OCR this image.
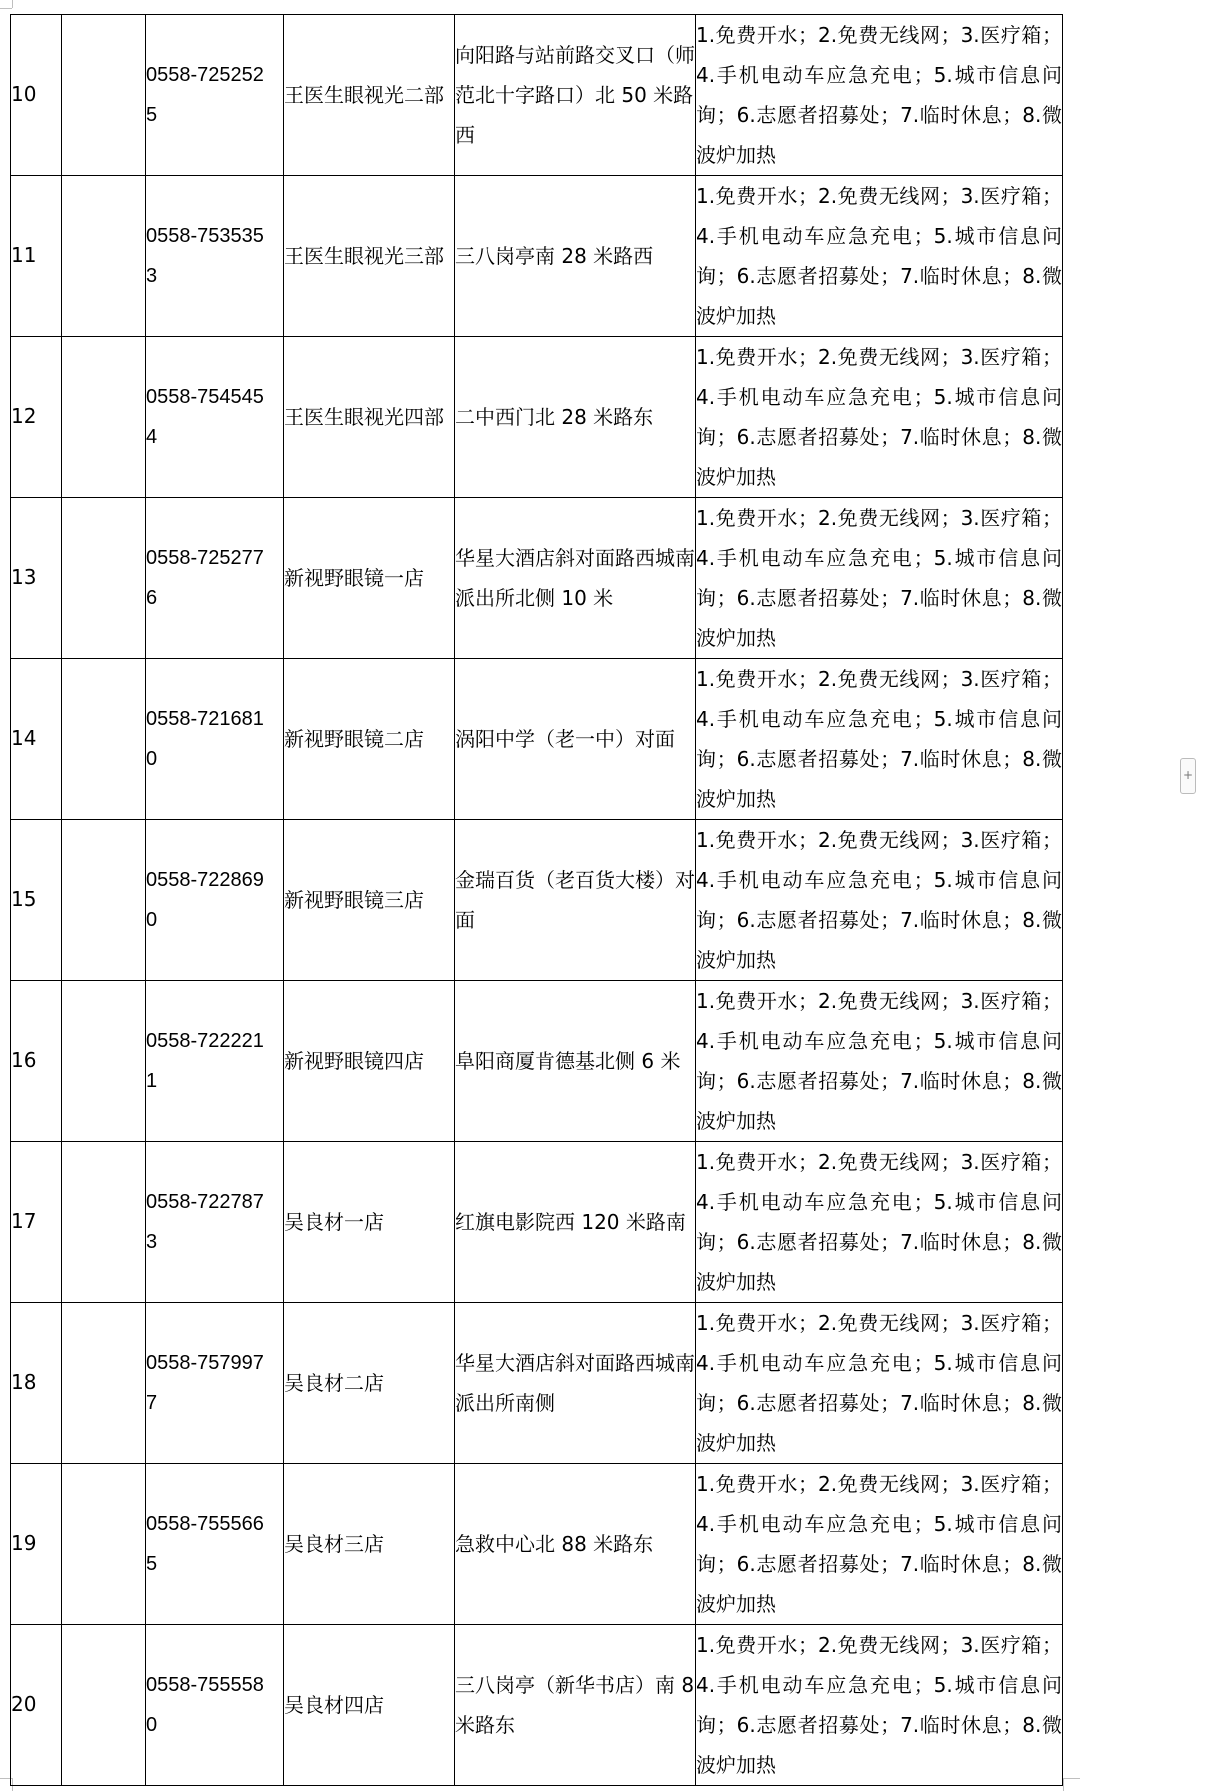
10		0558-7252525	王医生眼视光二部	向阳路与站前路交叉口（师范北十字路口）北 50 米路西	1.免费开水；2.免费无线网；3.医疗箱；4.手机电动车应急充电；5.城市信息问询；6.志愿者招募处；7.临时休息；8.微波炉加热

11		0558-7535353	王医生眼视光三部	三八岗亭南 28 米路西	1.免费开水；2.免费无线网；3.医疗箱；4.手机电动车应急充电；5.城市信息问询；6.志愿者招募处；7.临时休息；8.微波炉加热

12		0558-7545454	王医生眼视光四部	二中西门北 28 米路东	1.免费开水；2.免费无线网；3.医疗箱；4.手机电动车应急充电；5.城市信息问询；6.志愿者招募处；7.临时休息；8.微波炉加热

13		0558-7252776	新视野眼镜一店	华星大酒店斜对面路西城南派出所北侧 10 米	1.免费开水；2.免费无线网；3.医疗箱；4.手机电动车应急充电；5.城市信息问询；6.志愿者招募处；7.临时休息；8.微波炉加热

14		0558-7216810	新视野眼镜二店	涡阳中学（老一中）对面	1.免费开水；2.免费无线网；3.医疗箱；4.手机电动车应急充电；5.城市信息问询；6.志愿者招募处；7.临时休息；8.微波炉加热

15		0558-7228690	新视野眼镜三店	金瑞百货（老百货大楼）对面	1.免费开水；2.免费无线网；3.医疗箱；4.手机电动车应急充电；5.城市信息问询；6.志愿者招募处；7.临时休息；8.微波炉加热

16		0558-7222211	新视野眼镜四店	阜阳商厦肯德基北侧 6 米	1.免费开水；2.免费无线网；3.医疗箱；4.手机电动车应急充电；5.城市信息问询；6.志愿者招募处；7.临时休息；8.微波炉加热

17		0558-7227873	吴良材一店	红旗电影院西 120 米路南	1.免费开水；2.免费无线网；3.医疗箱；4.手机电动车应急充电；5.城市信息问询；6.志愿者招募处；7.临时休息；8.微波炉加热

18		0558-7579977	吴良材二店	华星大酒店斜对面路西城南派出所南侧	1.免费开水；2.免费无线网；3.医疗箱；4.手机电动车应急充电；5.城市信息问询；6.志愿者招募处；7.临时休息；8.微波炉加热

19		0558-7555665	吴良材三店	急救中心北 88 米路东	1.免费开水；2.免费无线网；3.医疗箱；4.手机电动车应急充电；5.城市信息问询；6.志愿者招募处；7.临时休息；8.微波炉加热

20		0558-7555580	吴良材四店	三八岗亭（新华书店）南 8 米路东	1.免费开水；2.免费无线网；3.医疗箱；4.手机电动车应急充电；5.城市信息问询；6.志愿者招募处；7.临时休息；8.微波炉加热
+
